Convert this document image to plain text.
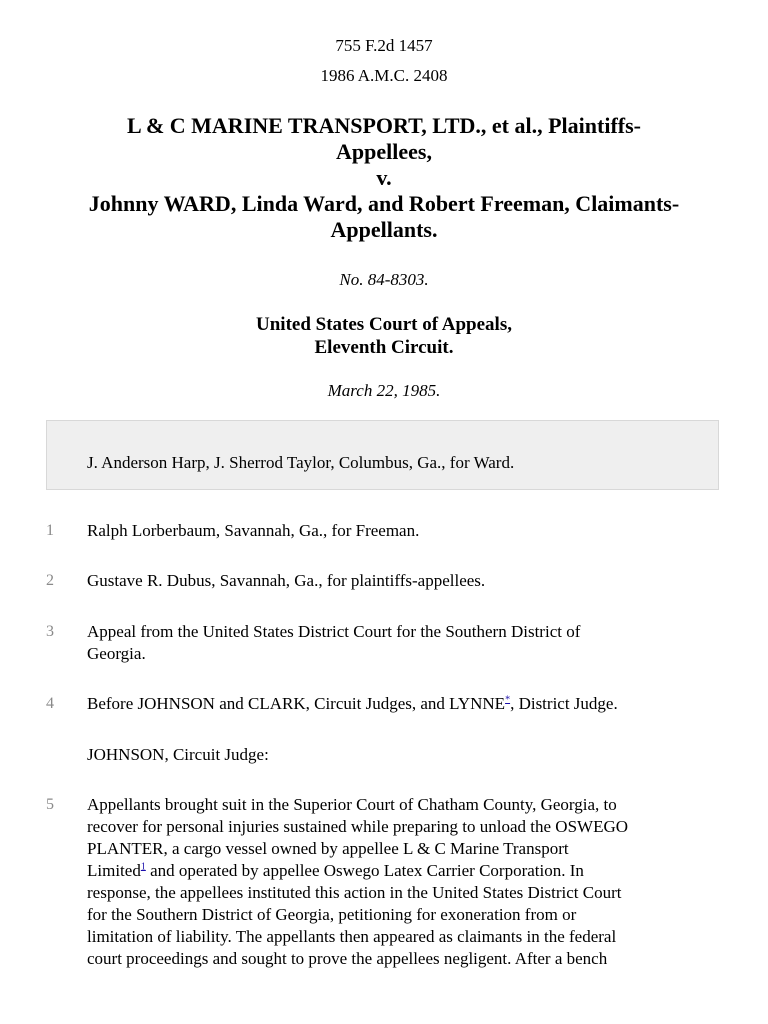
755 F.2d 1457
1986 A.M.C. 2408
L & C MARINE TRANSPORT, LTD., et al., Plaintiffs-
Appellees,
v.
Johnny WARD, Linda Ward, and Robert Freeman, Claimants-
Appellants.
No. 84-8303.
United States Court of Appeals,
Eleventh Circuit.
March 22, 1985.
J. Anderson Harp, J. Sherrod Taylor, Columbus, Ga., for Ward.
1 Ralph Lorberbaum, Savannah, Ga., for Freeman.
2 Gustave R. Dubus, Savannah, Ga., for plaintiffs-appellees.
3 Appeal from the United States District Court for the Southern District of
Georgia.
4 Before JOHNSON and CLARK, Circuit Judges, and LYNNE*, District Judge.
JOHNSON, Circuit Judge:
5 Appellants brought suit in the Superior Court of Chatham County, Georgia, to
recover for personal injuries sustained while preparing to unload the OSWEGO
PLANTER, a cargo vessel owned by appellee L & C Marine Transport
Limited$^1$ and operated by appellee Oswego Latex Carrier Corporation. In
response, the appellees instituted this action in the United States District Court
for the Southern District of Georgia, petitioning for exoneration from or
limitation of liability. The appellants then appeared as claimants in the federal
court proceedings and sought to prove the appellees negligent. After a bench
